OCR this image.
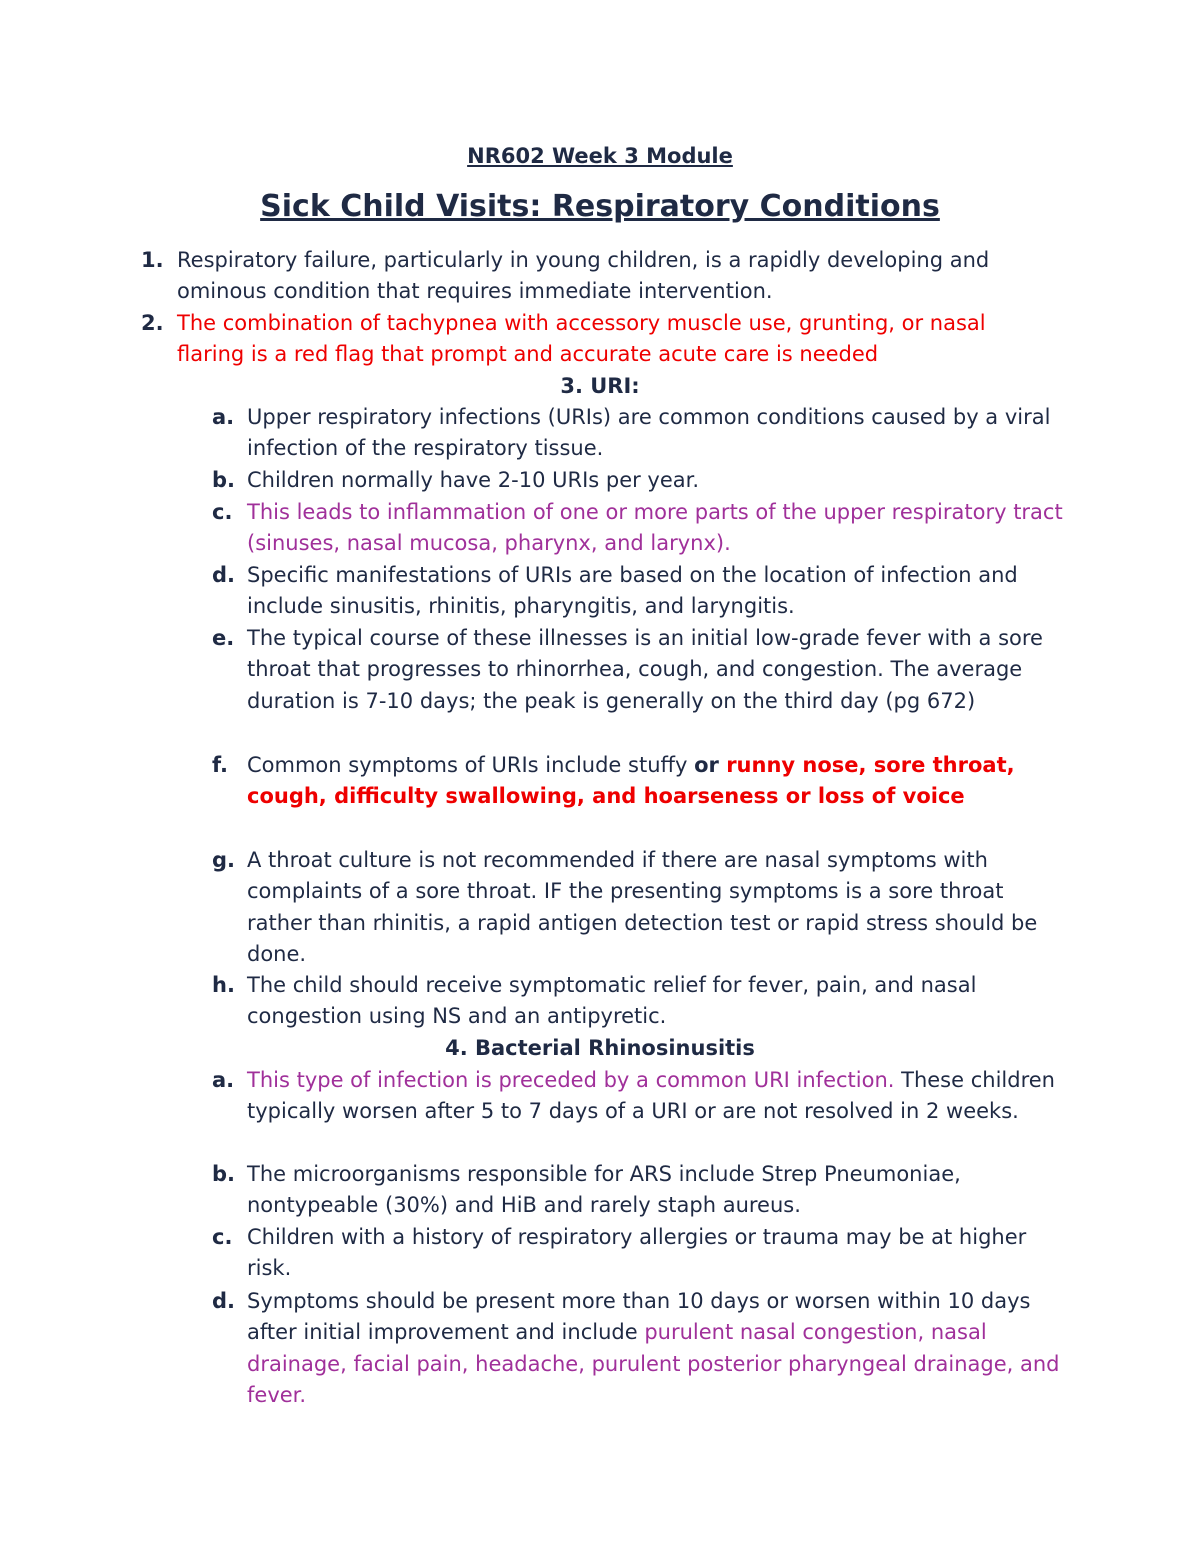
NR602 Week 3 Module

Sick Child Visits: Respiratory Conditions

1. Respiratory failure, particularly in young children, is a rapidly developing and ominous condition that requires immediate intervention.
2. The combination of tachypnea with accessory muscle use, grunting, or nasal flaring is a red flag that prompt and accurate acute care is needed

3. URI:

a. Upper respiratory infections (URIs) are common conditions caused by a viral infection of the respiratory tissue.
b. Children normally have 2-10 URIs per year.
c. This leads to inflammation of one or more parts of the upper respiratory tract (sinuses, nasal mucosa, pharynx, and larynx).
d. Specific manifestations of URIs are based on the location of infection and include sinusitis, rhinitis, pharyngitis, and laryngitis.
e. The typical course of these illnesses is an initial low-grade fever with a sore throat that progresses to rhinorrhea, cough, and congestion. The average duration is 7-10 days; the peak is generally on the third day (pg 672)
f. Common symptoms of URIs include stuffy or runny nose, sore throat, cough, difficulty swallowing, and hoarseness or loss of voice
g. A throat culture is not recommended if there are nasal symptoms with complaints of a sore throat. IF the presenting symptoms is a sore throat rather than rhinitis, a rapid antigen detection test or rapid stress should be done.
h. The child should receive symptomatic relief for fever, pain, and nasal congestion using NS and an antipyretic.

4. Bacterial Rhinosinusitis

a. This type of infection is preceded by a common URI infection. These children typically worsen after 5 to 7 days of a URI or are not resolved in 2 weeks.
b. The microorganisms responsible for ARS include Strep Pneumoniae, nontypeable (30%) and HiB and rarely staph aureus.
c. Children with a history of respiratory allergies or trauma may be at higher risk.
d. Symptoms should be present more than 10 days or worsen within 10 days after initial improvement and include purulent nasal congestion, nasal drainage, facial pain, headache, purulent posterior pharyngeal drainage, and fever.
